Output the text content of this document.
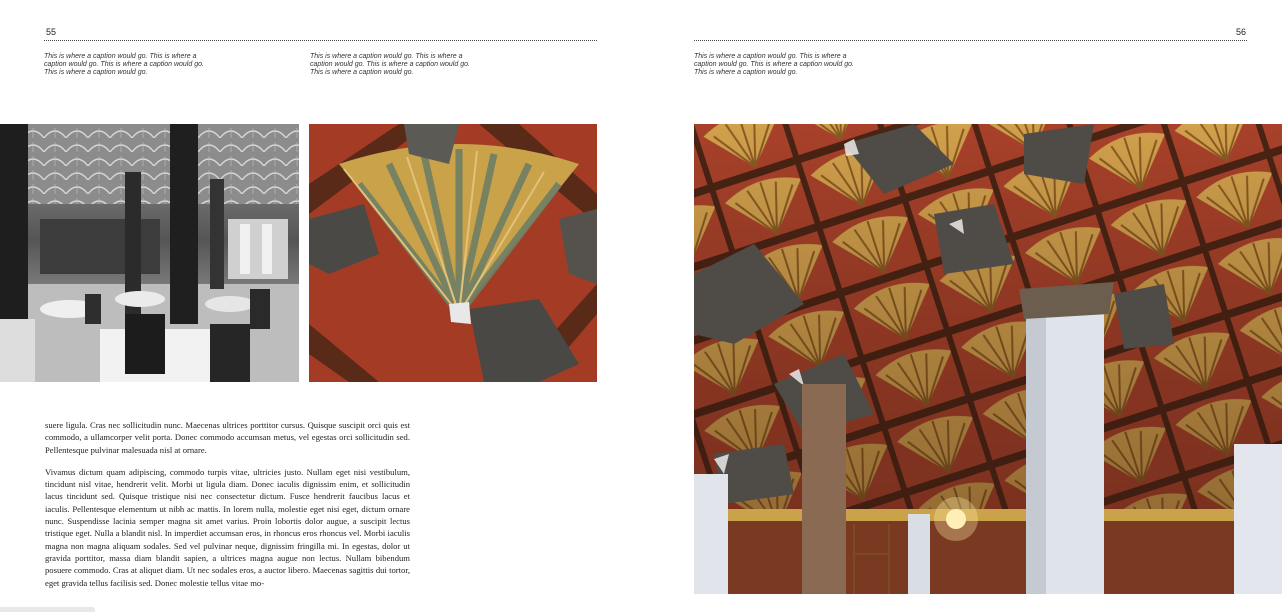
55
This is where a caption would go. This is where a caption would go. This is where a caption would go. This is where a caption would go.
This is where a caption would go. This is where a caption would go. This is where a caption would go. This is where a caption would go.

suere ligula. Cras nec sollicitudin nunc. Maecenas ultrices porttitor cursus. Quisque suscipit orci quis est commodo, a ullamcorper velit porta. Donec commodo accumsan metus, vel egestas orci sollicitudin sed. Pellentesque pulvinar malesuada nisl at ornare.

Vivamus dictum quam adipiscing, commodo turpis vitae, ultricies justo. Nullam eget nisi vestibulum, tincidunt nisl vitae, hendrerit velit. Morbi ut ligula diam. Donec iaculis dignissim enim, et sollicitudin lacus tincidunt sed. Quisque tristique nisi nec consectetur dictum. Fusce hendrerit faucibus lacus et iaculis. Pellentesque elementum ut nibh ac mattis. In lorem nulla, molestie eget nisi eget, dictum ornare nunc. Suspendisse lacinia semper magna sit amet varius. Proin lobortis dolor augue, a suscipit lectus tristique eget. Nulla a blandit nisl. In imperdiet accumsan eros, in rhoncus eros rhoncus vel. Morbi iaculis magna non magna aliquam sodales. Sed vel pulvinar neque, dignissim fringilla mi. In egestas, dolor ut gravida porttitor, massa diam blandit sapien, a ultrices magna augue non lectus. Nullam bibendum posuere commodo. Cras at aliquet diam. Ut nec sodales eros, a auctor libero. Maecenas sagittis dui tortor, eget gravida tellus facilisis sed. Donec molestie tellus vitae mo-

56
This is where a caption would go. This is where a caption would go. This is where a caption would go. This is where a caption would go.
